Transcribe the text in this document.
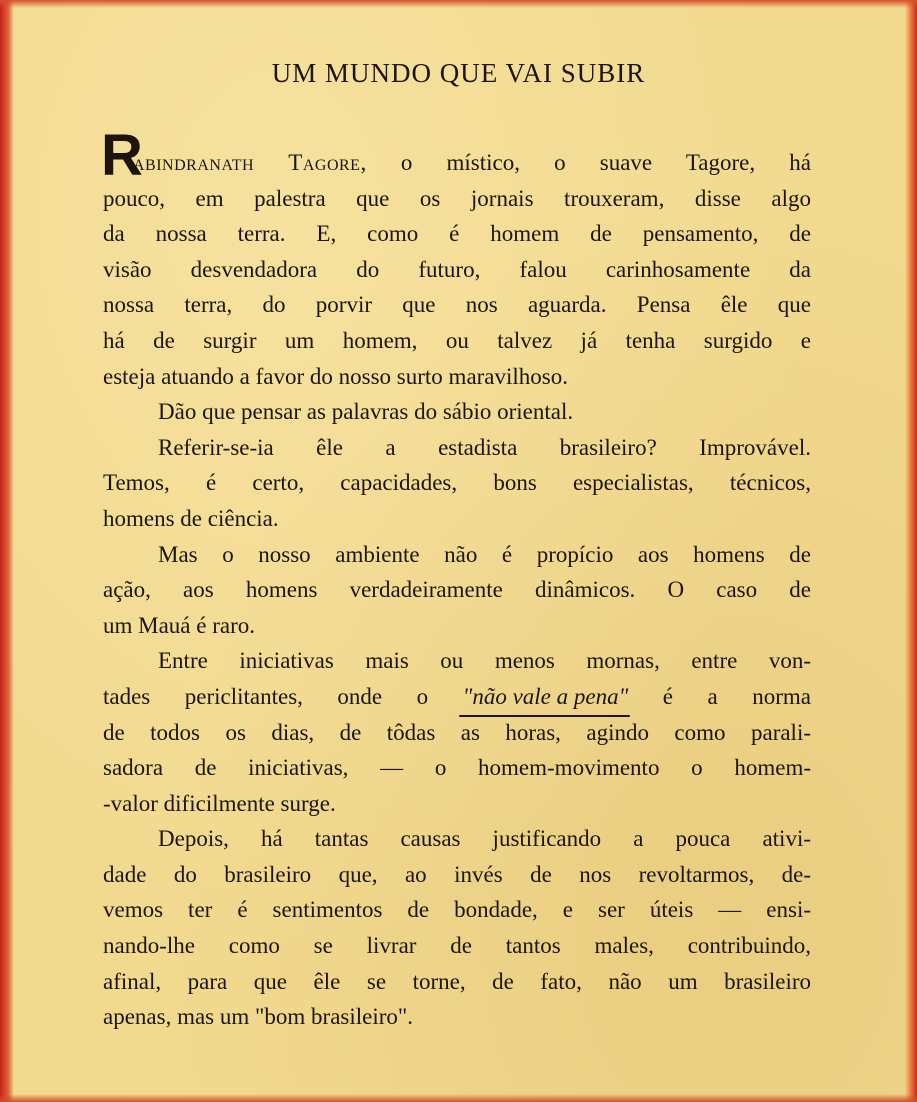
UM MUNDO QUE VAI SUBIR
R
abindranath Tagore, o místico, o suave Tagore, há
pouco, em palestra que os jornais trouxeram, disse algo
da nossa terra. E, como é homem de pensamento, de
visão desvendadora do futuro, falou carinhosamente da
nossa terra, do porvir que nos aguarda. Pensa êle que
há de surgir um homem, ou talvez já tenha surgido e
esteja atuando a favor do nosso surto maravilhoso.
Dão que pensar as palavras do sábio oriental.
Referir-se-ia êle a estadista brasileiro? Improvável.
Temos, é certo, capacidades, bons especialistas, técnicos,
homens de ciência.
Mas o nosso ambiente não é propício aos homens de
ação, aos homens verdadeiramente dinâmicos. O caso de
um Mauá é raro.
Entre iniciativas mais ou menos mornas, entre von-
tades periclitantes, onde o "não vale a pena" é a norma
de todos os dias, de tôdas as horas, agindo como parali-
sadora de iniciativas, — o homem-movimento o homem-
-valor dificilmente surge.
Depois, há tantas causas justificando a pouca ativi-
dade do brasileiro que, ao invés de nos revoltarmos, de-
vemos ter é sentimentos de bondade, e ser úteis — ensi-
nando-lhe como se livrar de tantos males, contribuindo,
afinal, para que êle se torne, de fato, não um brasileiro
apenas, mas um "bom brasileiro".
